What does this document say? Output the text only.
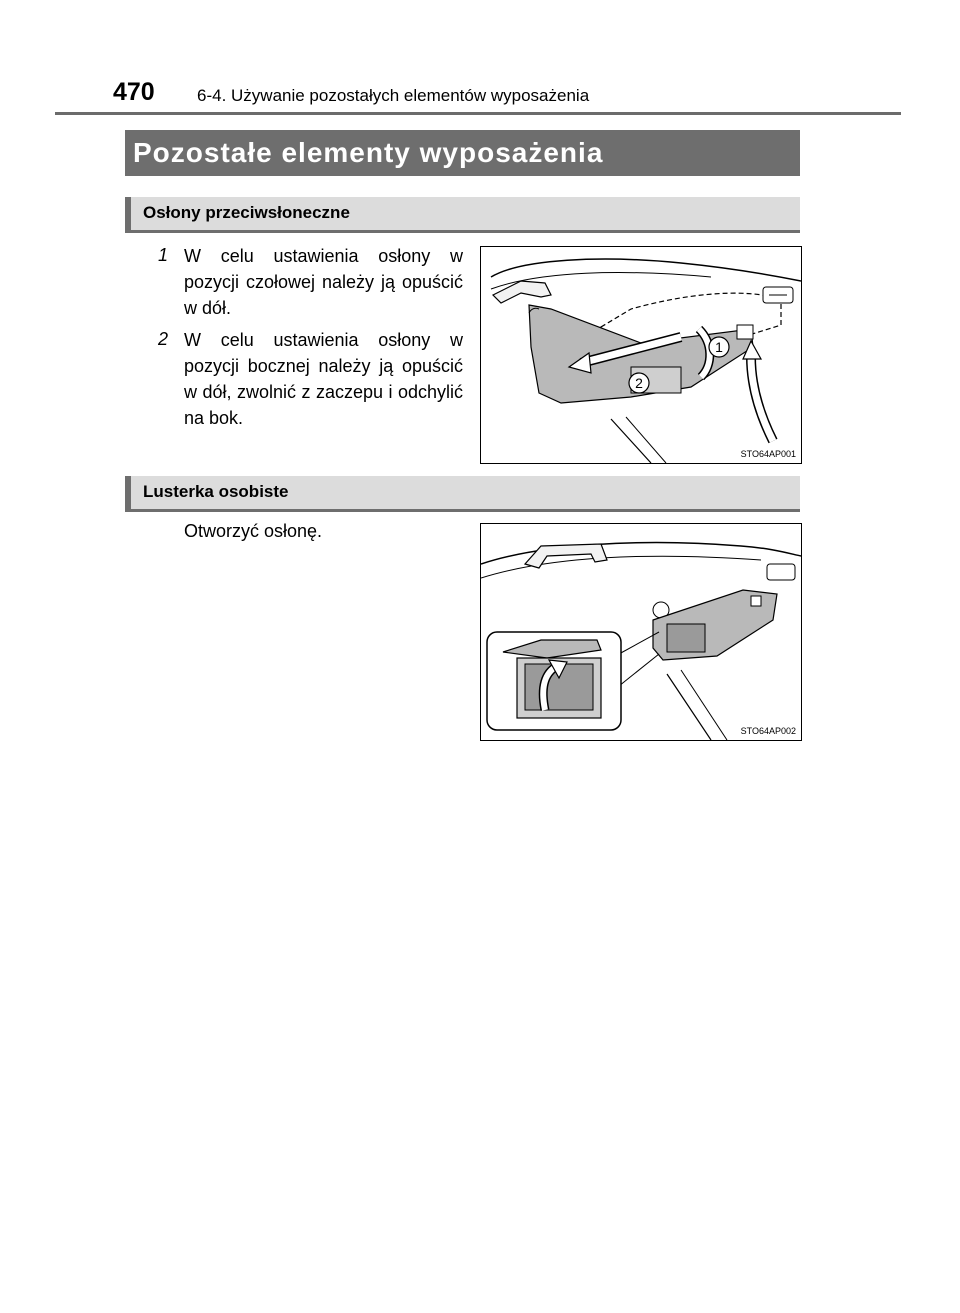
470 6-4. Używanie pozostałych elementów wyposażenia
Pozostałe elementy wyposażenia
Osłony przeciwsłoneczne
1 W celu ustawienia osłony w pozycji czołowej należy ją opuścić w dół.
2 W celu ustawienia osłony w pozycji bocznej należy ją opuścić w dół, zwolnić z zaczepu i odchylić na bok.
1
2
STO64AP001
Lusterka osobiste
Otworzyć osłonę.
STO64AP002
